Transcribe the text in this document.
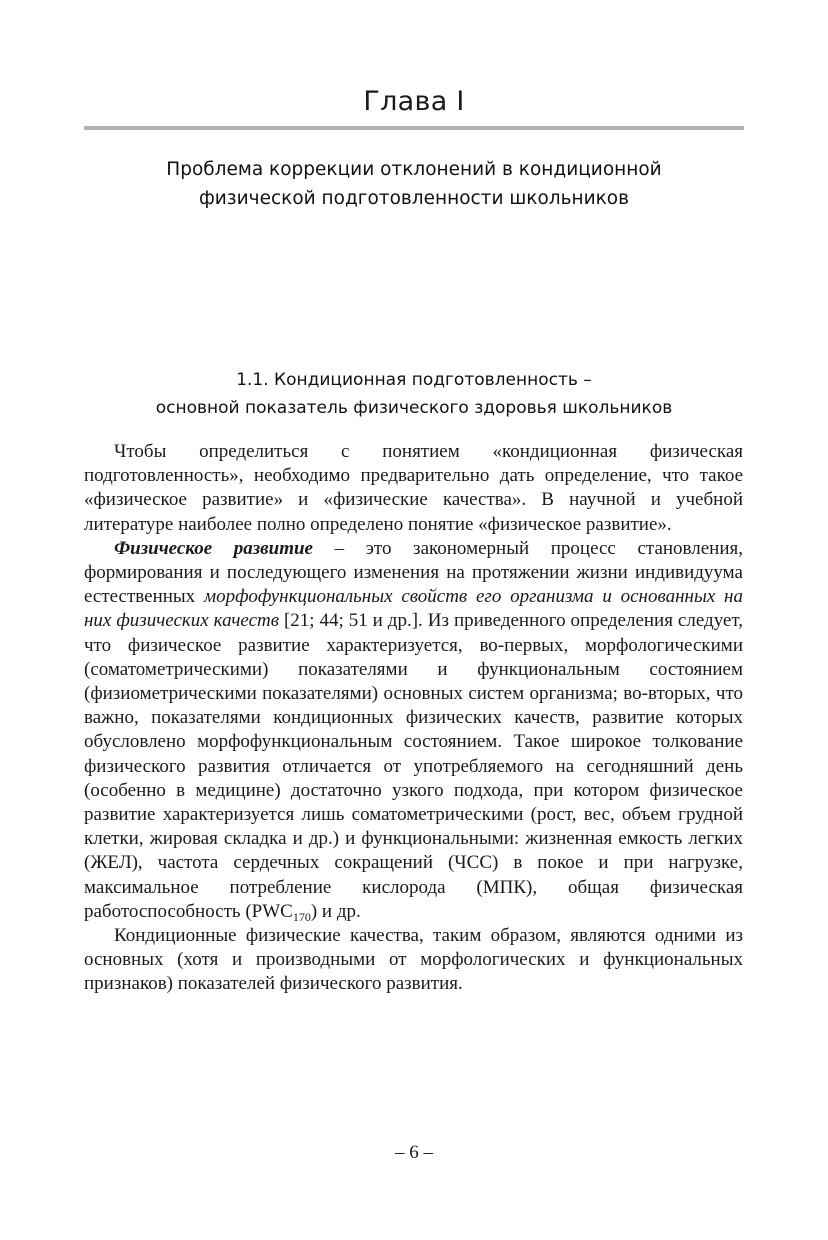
Глава I
Проблема коррекции отклонений в кондиционной
физической подготовленности школьников
1.1. Кондиционная подготовленность –
основной показатель физического здоровья школьников

Чтобы определиться с понятием «кондиционная физическая подготовленность», необходимо предварительно дать определение, что такое «физическое развитие» и «физические качества». В научной и учебной литературе наиболее полно определено понятие «физическое развитие».

Физическое развитие – это закономерный процесс становления, формирования и последующего изменения на протяжении жизни индивидуума естественных морфофункциональных свойств его организма и основанных на них физических качеств [21; 44; 51 и др.]. Из приведенного определения следует, что физическое развитие характеризуется, во-первых, морфологическими (соматометрическими) показателями и функциональным состоянием (физиометрическими показателями) основных систем организма; во-вторых, что важно, показателями кондиционных физических качеств, развитие которых обусловлено морфофункциональным состоянием. Такое широкое толкование физического развития отличается от употребляемого на сегодняшний день (особенно в медицине) достаточно узкого подхода, при котором физическое развитие характеризуется лишь соматометрическими (рост, вес, объем грудной клетки, жировая складка и др.) и функциональными: жизненная емкость легких (ЖЕЛ), частота сердечных сокращений (ЧСС) в покое и при нагрузке, максимальное потребление кислорода (МПК), общая физическая работоспособность $(PWC_{170})$ и др.

Кондиционные физические качества, таким образом, являются одними из основных (хотя и производными от морфологических и функциональных признаков) показателей физического развития.

– 6 –
